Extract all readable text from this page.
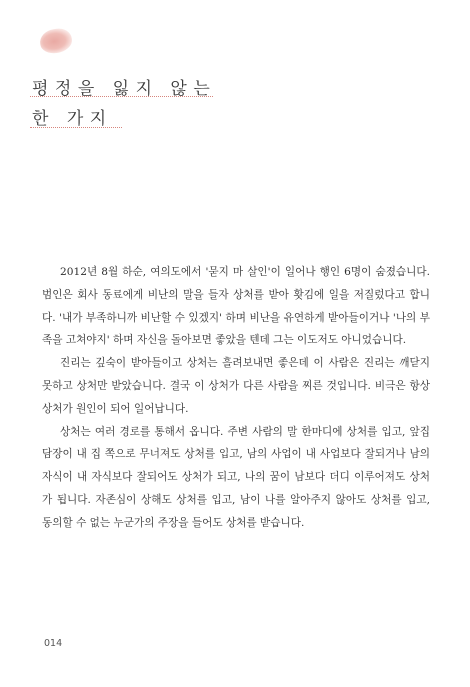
평정을 잃지 않는
한 가지

2012년 8월 하순, 여의도에서 '묻지 마 살인'이 일어나 행인 6명이 숨졌습니다. 범인은 회사 동료에게 비난의 말을 들자 상처를 받아 홧김에 일을 저질렀다고 합니다. '내가 부족하니까 비난할 수 있겠지' 하며 비난을 유연하게 받아들이거나 '나의 부족을 고쳐야지' 하며 자신을 돌아보면 좋았을 텐데 그는 이도저도 아니었습니다.

진리는 깊숙이 받아들이고 상처는 흘려보내면 좋은데 이 사람은 진리는 깨닫지 못하고 상처만 받았습니다. 결국 이 상처가 다른 사람을 찌른 것입니다. 비극은 항상 상처가 원인이 되어 일어납니다.

상처는 여러 경로를 통해서 옵니다. 주변 사람의 말 한마디에 상처를 입고, 앞집 담장이 내 집 쪽으로 무너져도 상처를 입고, 남의 사업이 내 사업보다 잘되거나 남의 자식이 내 자식보다 잘되어도 상처가 되고, 나의 꿈이 남보다 더디 이루어져도 상처가 됩니다. 자존심이 상해도 상처를 입고, 남이 나를 알아주지 않아도 상처를 입고, 동의할 수 없는 누군가의 주장을 들어도 상처를 받습니다.

014
